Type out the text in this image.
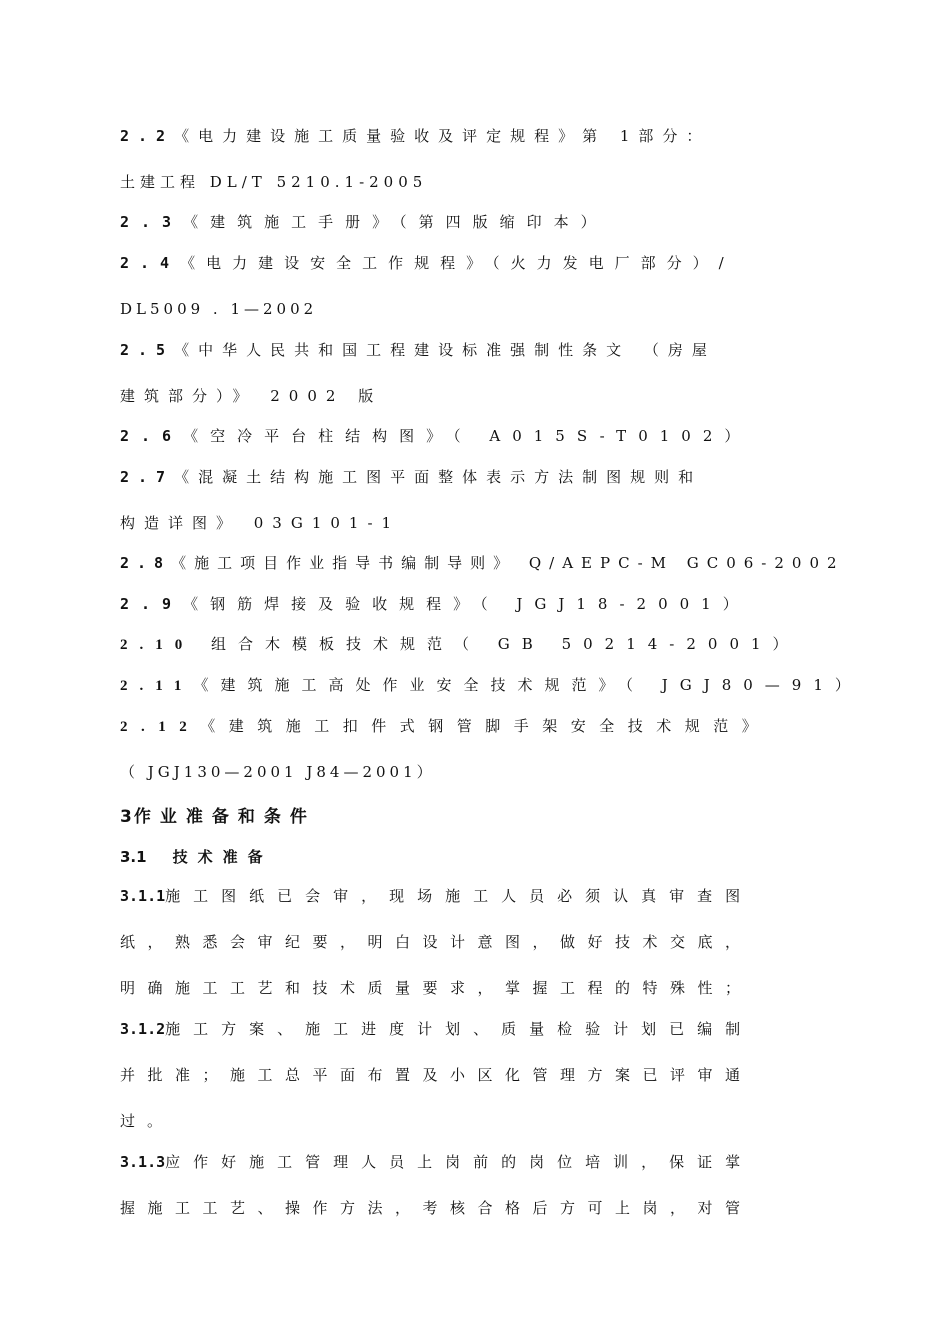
2.2《电力建设施工质量验收及评定规程》第 1部分：
土建工程 DL/T 5210.1-2005
2.3《建筑施工手册》（第四版缩印本）
2.4《电力建设安全工作规程》（火力发电厂部分）/
DL5009 . 1—2002
2.5《中华人民共和国工程建设标准强制性条文 （房屋
建筑部分）》 2002 版
2.6《空冷平台柱结构图》（ A015S-T0102）
2.7《混凝土结构施工图平面整体表示方法制图规则和
构造详图》 03G101-1
2.8《施工项目作业指导书编制导则》 Q/AEPC-M GC06-2002
2.9《钢筋焊接及验收规程》（ JGJ18-2001）
2.10 组合木模板技术规范（ GB 50214-2001）
2.11《建筑施工高处作业安全技术规范》（ JGJ80—91）
2.12《建筑施工扣件式钢管脚手架安全技术规范》
（ JGJ130—2001 J84—2001）
3作业准备和条件
3.1 技术准备
3.1.1施工图纸已会审，现场施工人员必须认真审查图
纸，熟悉会审纪要，明白设计意图，做好技术交底，
明确施工工艺和技术质量要求，掌握工程的特殊性；
3.1.2施工方案、施工进度计划、质量检验计划已编制
并批准；施工总平面布置及小区化管理方案已评审通
过。
3.1.3应作好施工管理人员上岗前的岗位培训，保证掌
握施工工艺、操作方法，考核合格后方可上岗，对管
